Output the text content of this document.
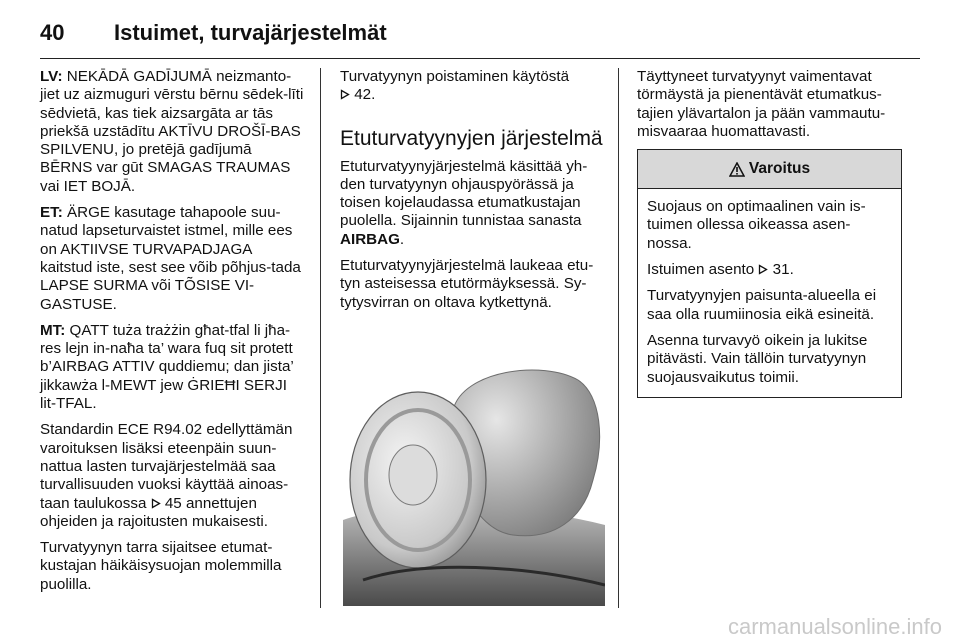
40 Istuimet, turvajärjestelmät

LV: NEKĀDĀ GADĪJUMĀ neizmanto-jiet uz aizmuguri vērstu bērnu sēdek-līti sēdvietā, kas tiek aizsargāta ar tās priekšā uzstādītu AKTĪVU DROŠĪ-BAS SPILVENU, jo pretējā gadījumā BĒRNS var gūt SMAGAS TRAUMAS vai IET BOJĀ.

ET: ÄRGE kasutage tahapoole suu-natud lapseturvaistet istmel, mille ees on AKTIIVSE TURVAPADJAGA kaitstud iste, sest see võib põhjus-tada LAPSE SURMA või TÕSISE VI-GASTUSE.

MT: QATT tuża trażżin għat-tfal li jħa-res lejn in-naħa ta’ wara fuq sit protett b’AIRBAG ATTIV quddiemu; dan jista’ jikkawża l-MEWT jew ĠRIEĦI SERJI lit-TFAL.

Standardin ECE R94.02 edellyttämän varoituksen lisäksi eteenpäin suun-nattua lasten turvajärjestelmää saa turvallisuuden vuoksi käyttää ainoas-taan taulukossa  45 annettujen ohjeiden ja rajoitusten mukaisesti.

Turvatyynyn tarra sijaitsee etumat-kustajan häikäisysuojan molemmilla puolilla.

Turvatyynyn poistaminen käytöstä
42.

Etuturvatyynyjen järjestelmä

Etuturvatyynyjärjestelmä käsittää yh-den turvatyynyn ohjauspyörässä ja toisen kojelaudassa etumatkustajan puolella. Sijainnin tunnistaa sanasta AIRBAG.

Etuturvatyynyjärjestelmä laukeaa etu-tyn asteisessa etutörmäyksessä. Sy-tytysvirran on oltava kytkettynä.

Täyttyneet turvatyynyt vaimentavat törmäystä ja pienentävät etumatkus-tajien ylävartalon ja pään vammautu-misvaaraa huomattavasti.

Varoitus

Suojaus on optimaalinen vain is-tuimen ollessa oikeassa asen-nossa.

Istuimen asento  31.

Turvatyynyjen paisunta-alueella ei saa olla ruumiinosia eikä esineitä.

Asenna turvavyö oikein ja lukitse pitävästi. Vain tällöin turvatyynyn suojausvaikutus toimii.

carmanualsonline.info
